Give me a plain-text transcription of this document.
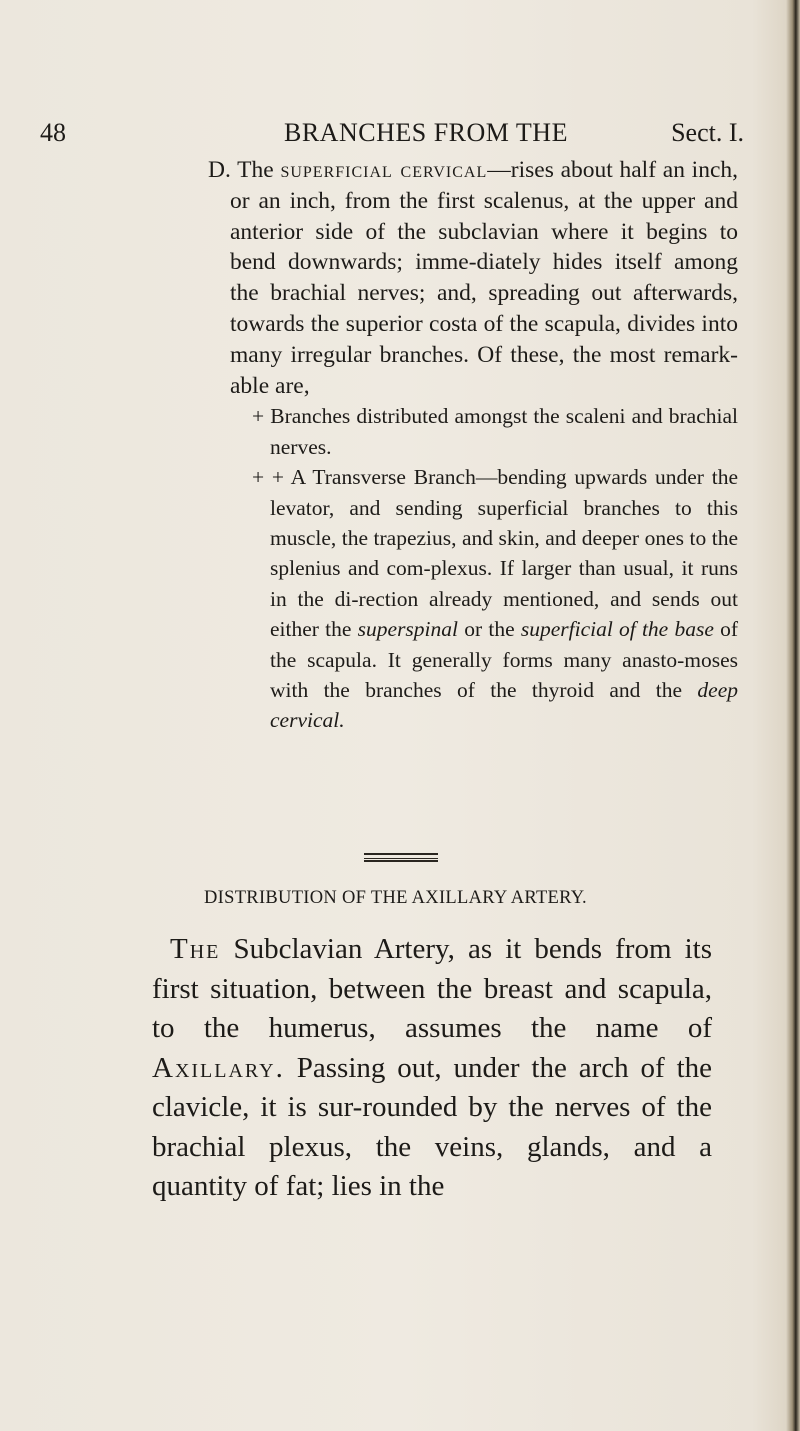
48	BRANCHES FROM THE	Sect. I.

D. The superficial cervical—rises about half an inch, or an inch, from the first scalenus, at the upper and anterior side of the subclavian where it begins to bend downwards; imme-diately hides itself among the brachial nerves; and, spreading out afterwards, towards the superior costa of the scapula, divides into many irregular branches. Of these, the most remark-able are,

+ Branches distributed amongst the scaleni and brachial nerves.

+ + A Transverse Branch—bending upwards under the levator, and sending superficial branches to this muscle, the trapezius, and skin, and deeper ones to the splenius and com-plexus. If larger than usual, it runs in the di-rection already mentioned, and sends out either the superspinal or the superficial of the base of the scapula. It generally forms many anasto-moses with the branches of the thyroid and the deep cervical.

DISTRIBUTION OF THE AXILLARY ARTERY.

The Subclavian Artery, as it bends from its first situation, between the breast and scapula, to the humerus, assumes the name of Axillary. Passing out, under the arch of the clavicle, it is sur-rounded by the nerves of the brachial plexus, the veins, glands, and a quantity of fat; lies in the
